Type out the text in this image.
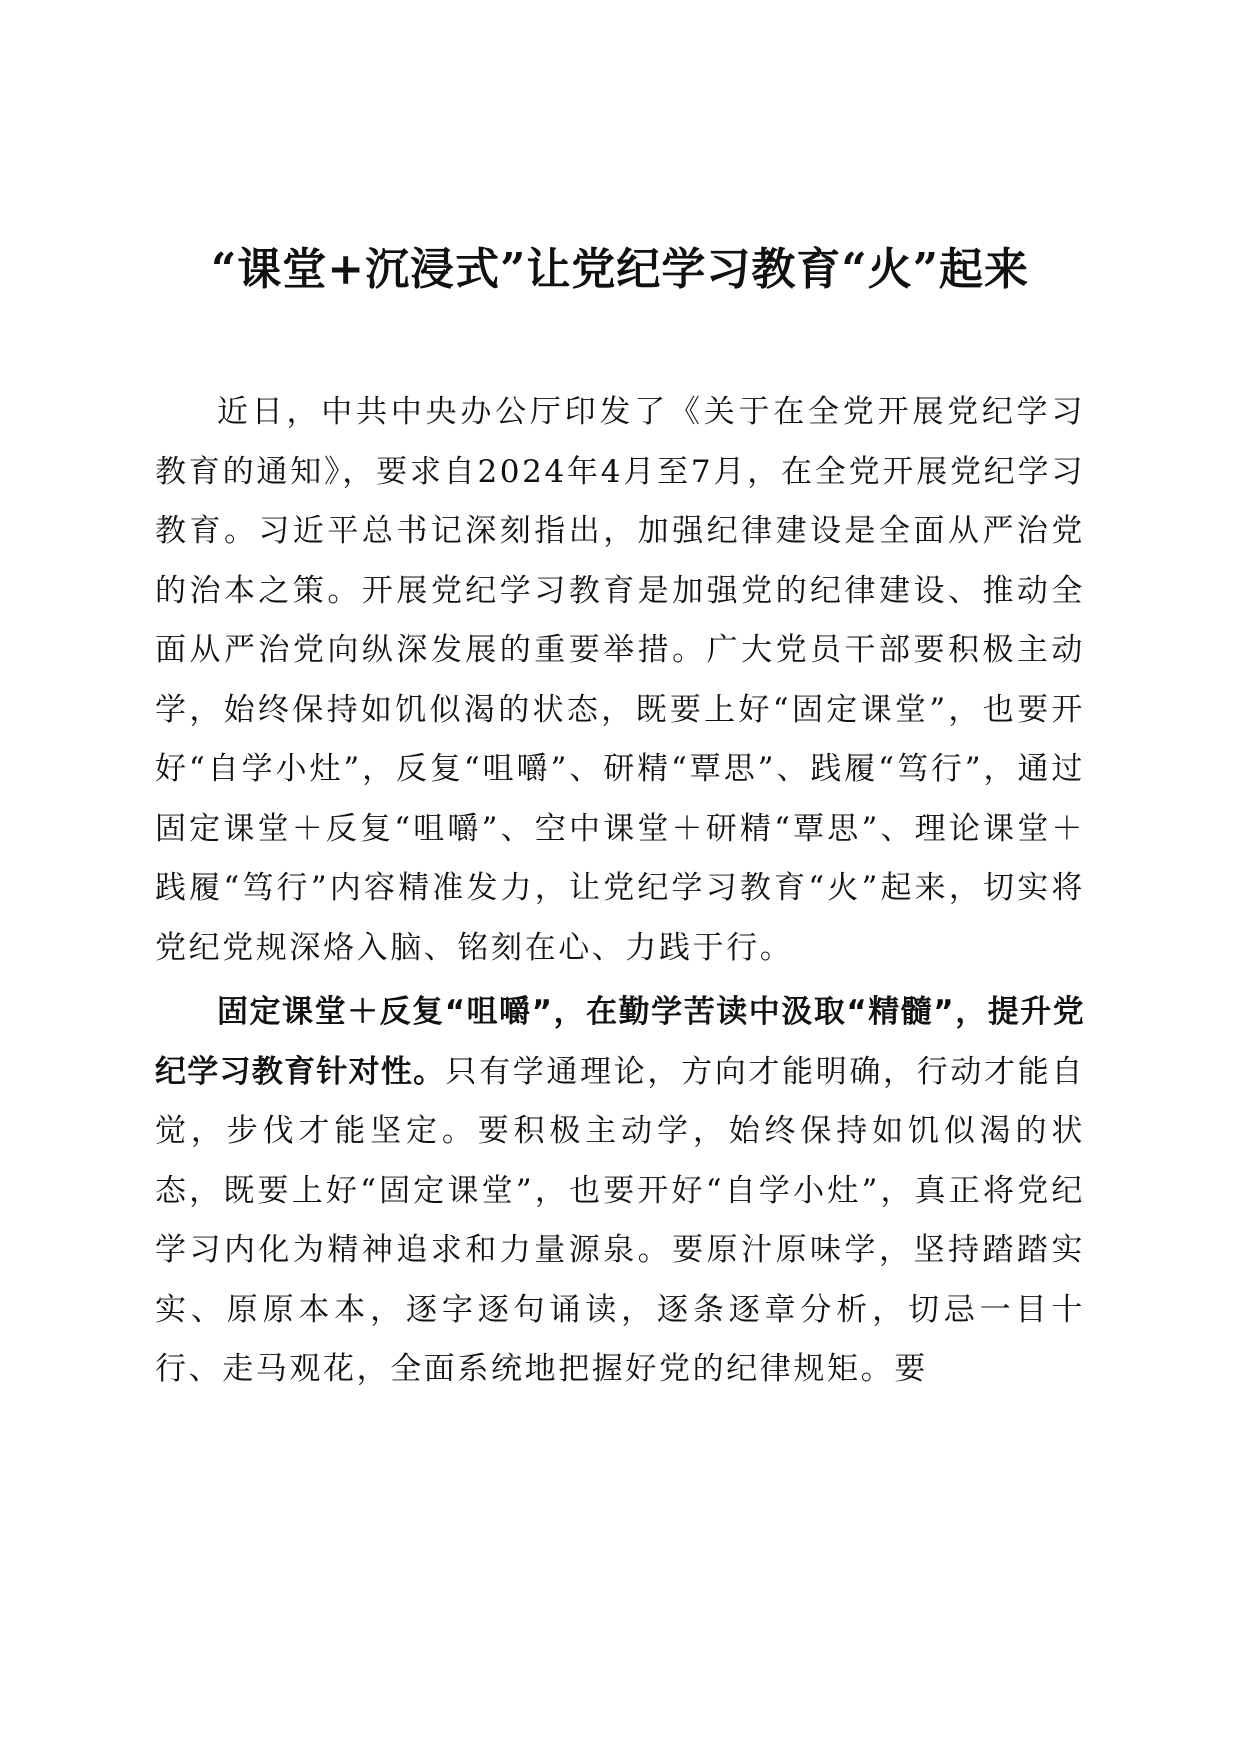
“课堂+沉浸式”让党纪学习教育“火”起来

近日，中共中央办公厅印发了《关于在全党开展党纪学习教育的通知》，要求自2024年4月至7月，在全党开展党纪学习教育。习近平总书记深刻指出，加强纪律建设是全面从严治党的治本之策。开展党纪学习教育是加强党的纪律建设、推动全面从严治党向纵深发展的重要举措。广大党员干部要积极主动学，始终保持如饥似渴的状态，既要上好“固定课堂”，也要开好“自学小灶”，反复“咀嚼”、研精“覃思”、践履“笃行”，通过固定课堂＋反复“咀嚼”、空中课堂＋研精“覃思”、理论课堂＋践履“笃行”内容精准发力，让党纪学习教育“火”起来，切实将党纪党规深烙入脑、铭刻在心、力践于行。

固定课堂＋反复“咀嚼”，在勤学苦读中汲取“精髓”，提升党纪学习教育针对性。只有学通理论，方向才能明确，行动才能自觉，步伐才能坚定。要积极主动学，始终保持如饥似渴的状态，既要上好“固定课堂”，也要开好“自学小灶”，真正将党纪学习内化为精神追求和力量源泉。要原汁原味学，坚持踏踏实实、原原本本，逐字逐句诵读，逐条逐章分析，切忌一目十行、走马观花，全面系统地把握好党的纪律规矩。要
